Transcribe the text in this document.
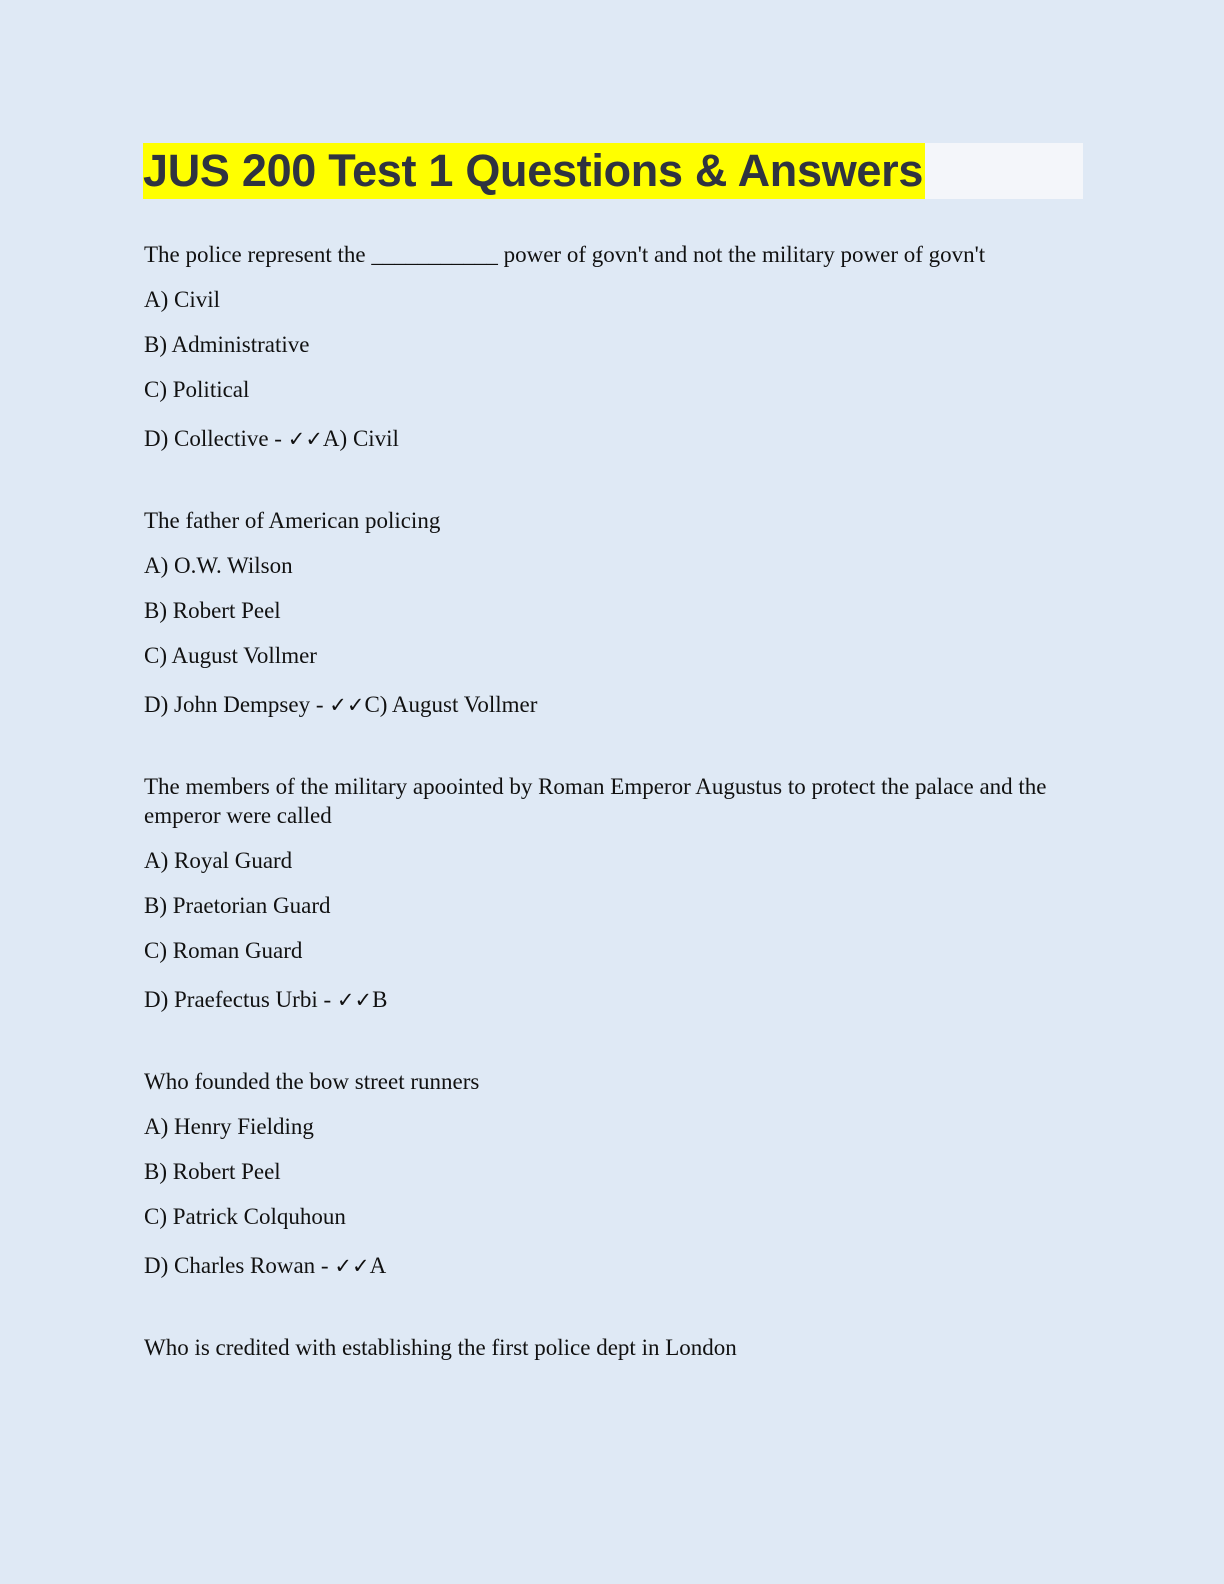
JUS 200 Test 1 Questions & Answers
The police represent the ___________ power of govn't and not the military power of govn't
A) Civil
B) Administrative
C) Political
D) Collective - ✓✓A) Civil
The father of American policing
A) O.W. Wilson
B) Robert Peel
C) August Vollmer
D) John Dempsey - ✓✓C) August Vollmer
The members of the military apoointed by Roman Emperor Augustus to protect the palace and the emperor were called
A) Royal Guard
B) Praetorian Guard
C) Roman Guard
D) Praefectus Urbi - ✓✓B
Who founded the bow street runners
A) Henry Fielding
B) Robert Peel
C) Patrick Colquhoun
D) Charles Rowan - ✓✓A
Who is credited with establishing the first police dept in London
